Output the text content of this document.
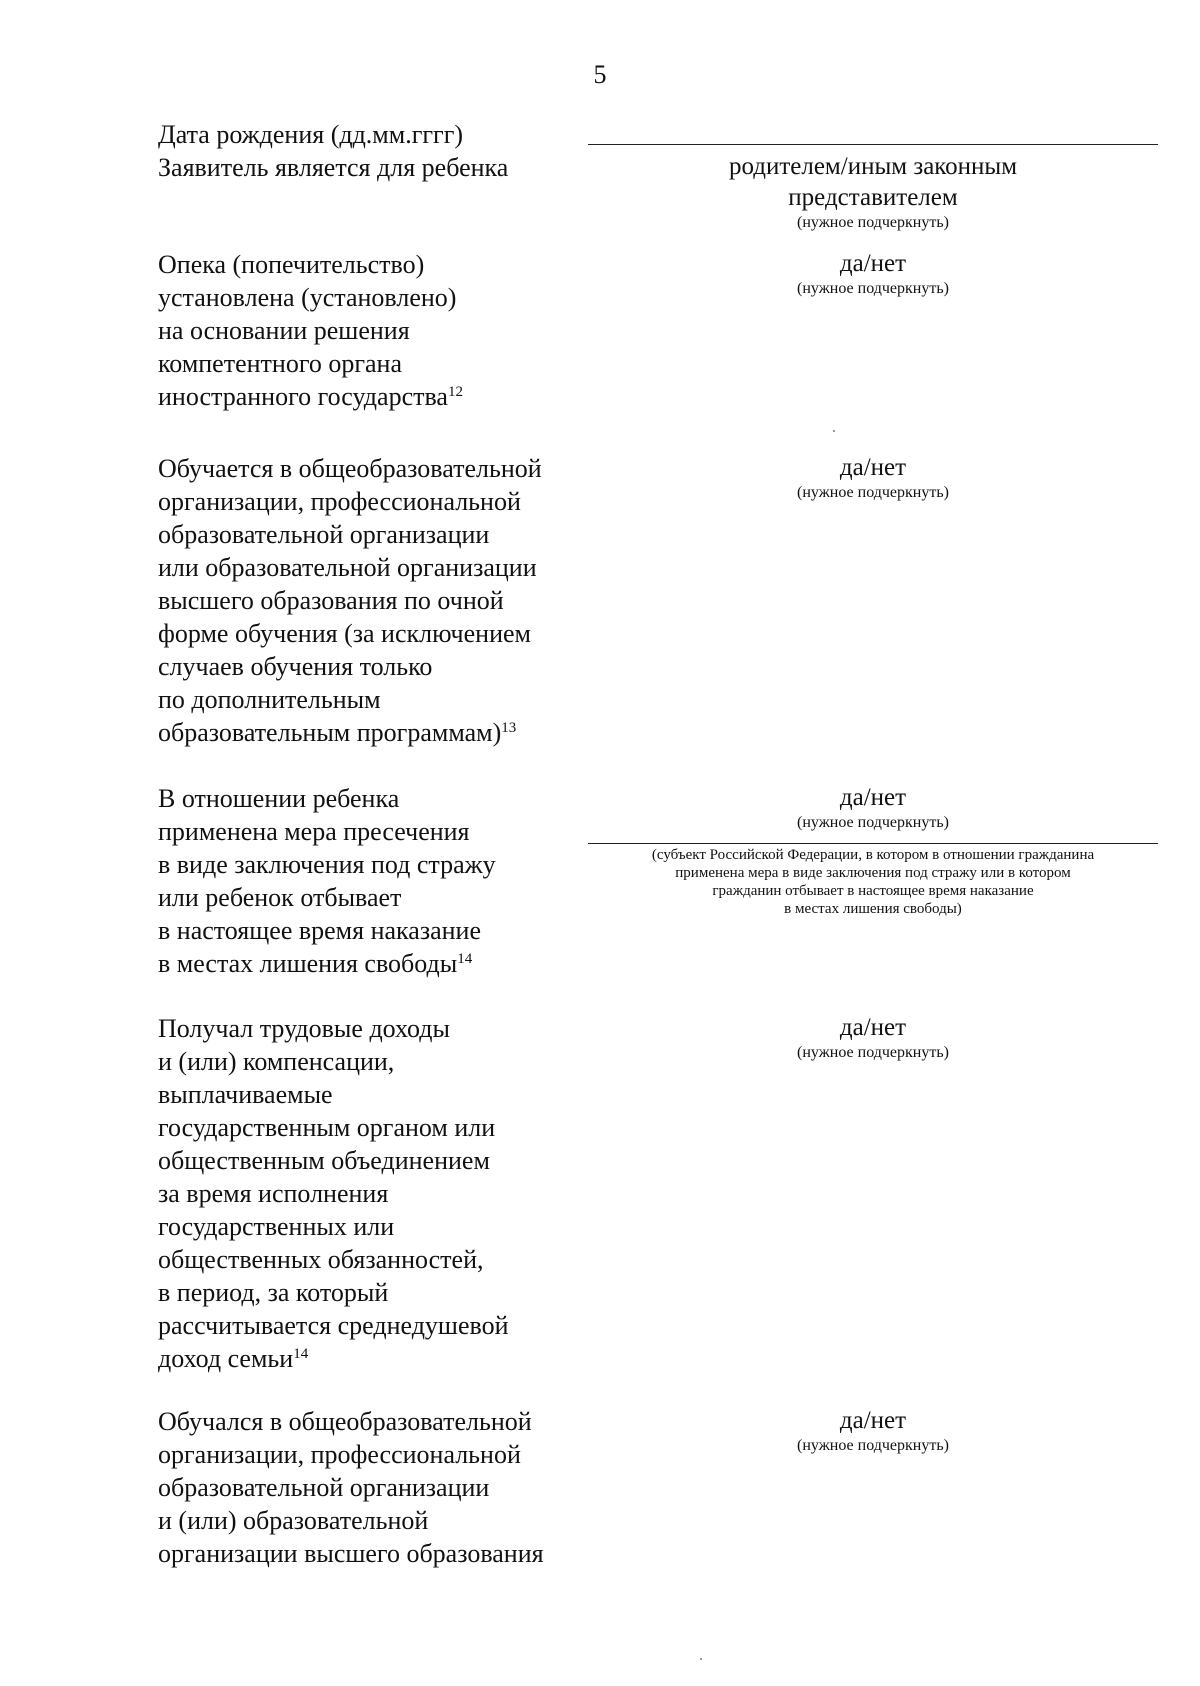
5
Дата рождения (дд.мм.гггг)
Заявитель является для ребенка	родителем/иным законным
представителем
(нужное подчеркнуть)
Опека (попечительство)
установлена (установлено)
на основании решения
компетентного органа
иностранного государства$^{12}$
да/нет
(нужное подчеркнуть)
Обучается в общеобразовательной
организации, профессиональной
образовательной организации
или образовательной организации
высшего образования по очной
форме обучения (за исключением
случаев обучения только
по дополнительным
образовательным программам)$^{13}$
да/нет
(нужное подчеркнуть)
В отношении ребенка
применена мера пресечения
в виде заключения под стражу
или ребенок отбывает
в настоящее время наказание
в местах лишения свободы$^{14}$
да/нет
(нужное подчеркнуть)
(субъект Российской Федерации, в котором в отношении гражданина
применена мера в виде заключения под стражу или в котором
гражданин отбывает в настоящее время наказание
в местах лишения свободы)
Получал трудовые доходы
и (или) компенсации,
выплачиваемые
государственным органом или
общественным объединением
за время исполнения
государственных или
общественных обязанностей,
в период, за который
рассчитывается среднедушевой
доход семьи$^{14}$
да/нет
(нужное подчеркнуть)
Обучался в общеобразовательной
организации, профессиональной
образовательной организации
и (или) образовательной
организации высшего образования
да/нет
(нужное подчеркнуть)
